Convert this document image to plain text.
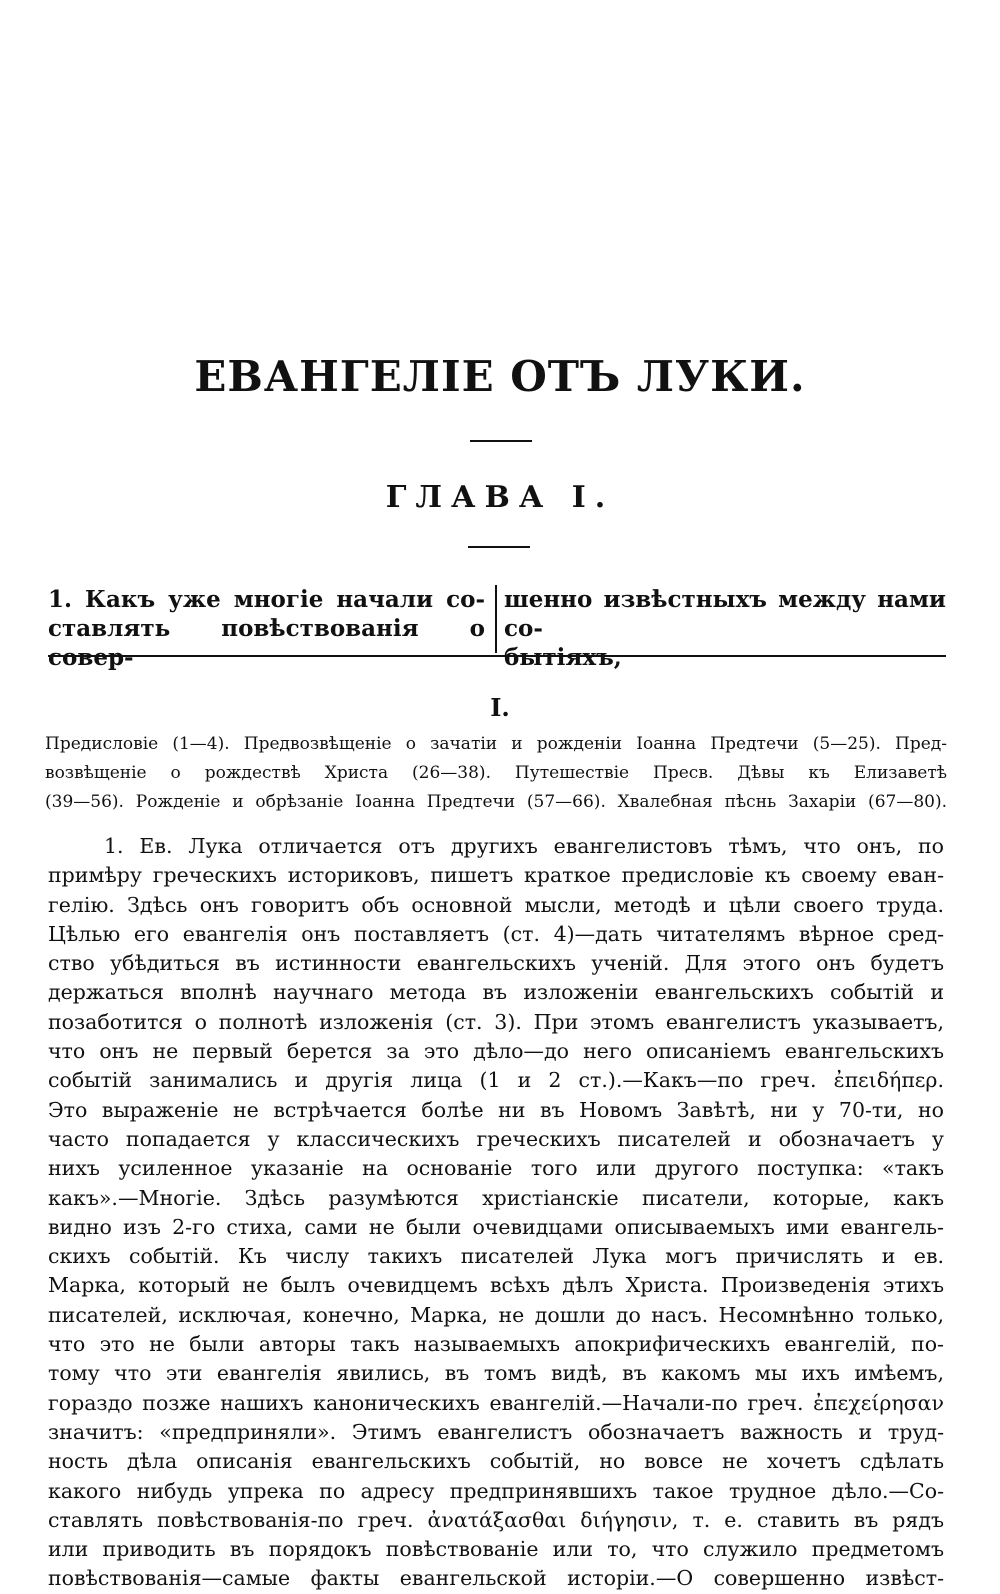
ЕВАНГЕЛІЕ ОТЪ ЛУКИ.
ГЛАВА I.
1. Какъ уже многіе начали со-
ставлять повѣствованія о совер-
шенно извѣстныхъ между нами со-
бытіяхъ,
I.

Предисловіе (1—4). Предвозвѣщеніе о зачатіи и рожденіи Іоанна Предтечи (5—25). Пред-
возвѣщеніе о рождествѣ Христа (26—38). Путешествіе Пресв. Дѣвы къ Елизаветѣ
(39—56). Рожденіе и обрѣзаніе Іоанна Предтечи (57—66). Хвалебная пѣснь Захаріи (67—80).

1. Ев. Лука отличается отъ другихъ евангелистовъ тѣмъ, что онъ, по
примѣру греческихъ историковъ, пишетъ краткое предисловіе къ своему еван-
гелію. Здѣсь онъ говоритъ объ основной мысли, методѣ и цѣли своего труда.
Цѣлью его евангелія онъ поставляетъ (ст. 4)—дать читателямъ вѣрное сред-
ство убѣдиться въ истинности евангельскихъ ученій. Для этого онъ будетъ
держаться вполнѣ научнаго метода въ изложеніи евангельскихъ событій и
позаботится о полнотѣ изложенія (ст. 3). При этомъ евангелистъ указываетъ,
что онъ не первый берется за это дѣло—до него описаніемъ евангельскихъ
событій занимались и другія лица (1 и 2 ст.).—Какъ—по греч. ἐπειδήπερ.
Это выраженіе не встрѣчается болѣе ни въ Новомъ Завѣтѣ, ни у 70-ти, но
часто попадается у классическихъ греческихъ писателей и обозначаетъ у
нихъ усиленное указаніе на основаніе того или другого поступка: «такъ
какъ».—Многіе. Здѣсь разумѣются христіанскіе писатели, которые, какъ
видно изъ 2-го стиха, сами не были очевидцами описываемыхъ ими евангель-
скихъ событій. Къ числу такихъ писателей Лука могъ причислять и ев.
Марка, который не былъ очевидцемъ всѣхъ дѣлъ Христа. Произведенія этихъ
писателей, исключая, конечно, Марка, не дошли до насъ. Несомнѣнно только,
что это не были авторы такъ называемыхъ апокрифическихъ евангелій, по-
тому что эти евангелія явились, въ томъ видѣ, въ какомъ мы ихъ имѣемъ,
гораздо позже нашихъ каноническихъ евангелій.—Начали-по греч. ἐπεχείρησαν
значитъ: «предприняли». Этимъ евангелистъ обозначаетъ важность и труд-
ность дѣла описанія евангельскихъ событій, но вовсе не хочетъ сдѣлать
какого нибудь упрека по адресу предпринявшихъ такое трудное дѣло.—Со-
ставлять повѣствованія-по греч. ἀνατάξασθαι διήγησιν, т. е. ставить въ рядъ
или приводить въ порядокъ повѣствованіе или то, что служило предметомъ
повѣствованія—самые факты евангельской исторіи.—О совершенно извѣст-
